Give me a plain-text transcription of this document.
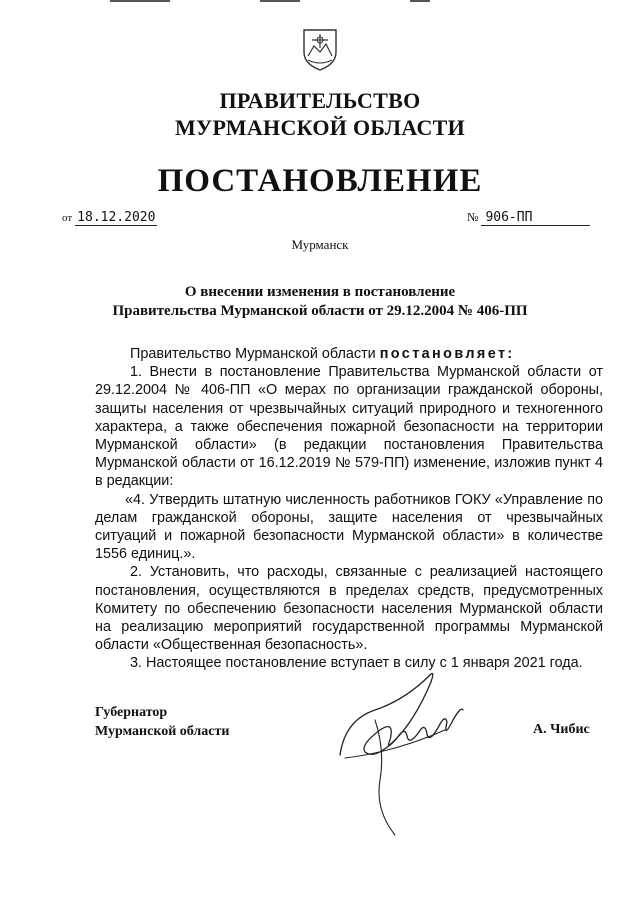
ПРАВИТЕЛЬСТВО
МУРМАНСКОЙ ОБЛАСТИ
ПОСТАНОВЛЕНИЕ
от 18.12.2020	№ 906-ПП
Мурманск
О внесении изменения в постановление
Правительства Мурманской области от 29.12.2004 № 406-ПП

Правительство Мурманской области постановляет:

1. Внести в постановление Правительства Мурманской области от 29.12.2004 № 406-ПП «О мерах по организации гражданской обороны, защиты населения от чрезвычайных ситуаций природного и техногенного характера, а также обеспечения пожарной безопасности на территории Мурманской области» (в редакции постановления Правительства Мурманской области от 16.12.2019 № 579-ПП) изменение, изложив пункт 4 в редакции:

«4. Утвердить штатную численность работников ГОКУ «Управление по делам гражданской обороны, защите населения от чрезвычайных ситуаций и пожарной безопасности Мурманской области» в количестве 1556 единиц.».

2. Установить, что расходы, связанные с реализацией настоящего постановления, осуществляются в пределах средств, предусмотренных Комитету по обеспечению безопасности населения Мурманской области на реализацию мероприятий государственной программы Мурманской области «Общественная безопасность».

3. Настоящее постановление вступает в силу с 1 января 2021 года.

Губернатор
Мурманской области	А. Чибис
